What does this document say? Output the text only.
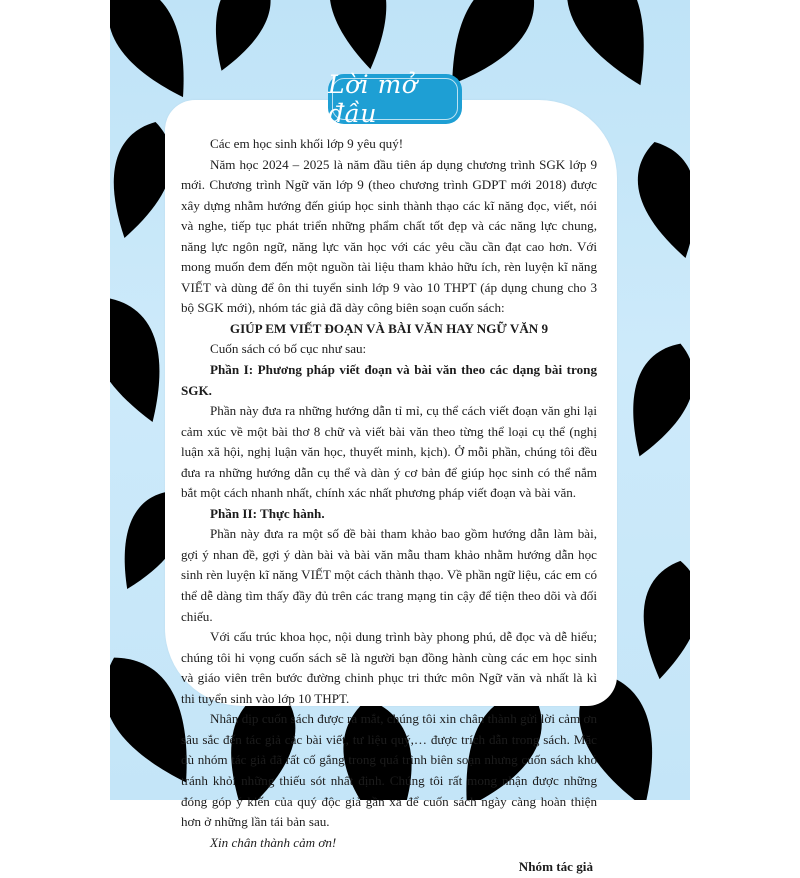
Lời mở đầu

Các em học sinh khối lớp 9 yêu quý!

Năm học 2024 – 2025 là năm đầu tiên áp dụng chương trình SGK lớp 9 mới. Chương trình Ngữ văn lớp 9 (theo chương trình GDPT mới 2018) được xây dựng nhằm hướng đến giúp học sinh thành thạo các kĩ năng đọc, viết, nói và nghe, tiếp tục phát triển những phẩm chất tốt đẹp và các năng lực chung, năng lực ngôn ngữ, năng lực văn học với các yêu cầu cần đạt cao hơn. Với mong muốn đem đến một nguồn tài liệu tham khảo hữu ích, rèn luyện kĩ năng VIẾT và dùng để ôn thi tuyển sinh lớp 9 vào 10 THPT (áp dụng chung cho 3 bộ SGK mới), nhóm tác giả đã dày công biên soạn cuốn sách:

GIÚP EM VIẾT ĐOẠN VÀ BÀI VĂN HAY NGỮ VĂN 9

Cuốn sách có bố cục như sau:

Phần I: Phương pháp viết đoạn và bài văn theo các dạng bài trong SGK.

Phần này đưa ra những hướng dẫn tỉ mỉ, cụ thể cách viết đoạn văn ghi lại cảm xúc về một bài thơ 8 chữ và viết bài văn theo từng thể loại cụ thể (nghị luận xã hội, nghị luận văn học, thuyết minh, kịch). Ở mỗi phần, chúng tôi đều đưa ra những hướng dẫn cụ thể và dàn ý cơ bản để giúp học sinh có thể nắm bắt một cách nhanh nhất, chính xác nhất phương pháp viết đoạn và bài văn.

Phần II: Thực hành.

Phần này đưa ra một số đề bài tham khảo bao gồm hướng dẫn làm bài, gợi ý nhan đề, gợi ý dàn bài và bài văn mẫu tham khảo nhằm hướng dẫn học sinh rèn luyện kĩ năng VIẾT một cách thành thạo. Về phần ngữ liệu, các em có thể dễ dàng tìm thấy đầy đủ trên các trang mạng tin cậy để tiện theo dõi và đối chiếu.

Với cấu trúc khoa học, nội dung trình bày phong phú, dễ đọc và dễ hiểu; chúng tôi hi vọng cuốn sách sẽ là người bạn đồng hành cùng các em học sinh và giáo viên trên bước đường chinh phục tri thức môn Ngữ văn và nhất là kì thi tuyển sinh vào lớp 10 THPT.

Nhân dịp cuốn sách được ra mắt, chúng tôi xin chân thành gửi lời cảm ơn sâu sắc đến tác giả các bài viết, tư liệu quý,… được trích dẫn trong sách. Mặc dù nhóm tác giả đã rất cố gắng trong quá trình biên soạn nhưng cuốn sách khó tránh khỏi những thiếu sót nhất định. Chúng tôi rất mong nhận được những đóng góp ý kiến của quý độc giả gần xa để cuốn sách ngày càng hoàn thiện hơn ở những lần tái bản sau.

Xin chân thành cảm ơn!

Nhóm tác giả
